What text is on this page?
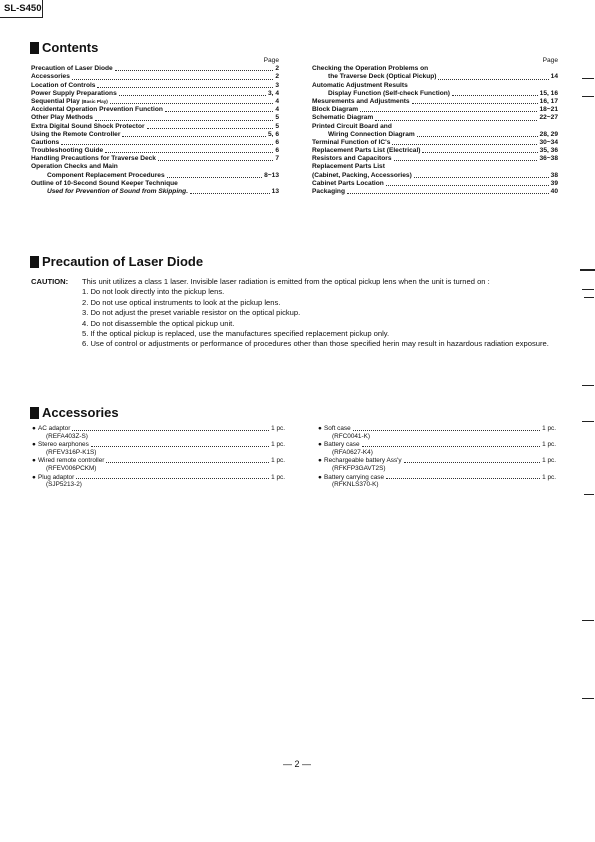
SL-S450
Contents
Page
Precaution of Laser Diode	2
Accessories	2
Location of Controls	3
Power Supply Preparations	3, 4
Sequential Play (Basic Play)	4
Accidental Operation Prevention Function	4
Other Play Methods	5
Extra Digital Sound Shock Protector	5
Using the Remote Controller	5, 6
Cautions	6
Troubleshooting Guide	6
Handling Precautions for Traverse Deck	7
Operation Checks and Main
Component Replacement Procedures	8~13
Outline of 10-Second Sound Keeper Technique
Used for Prevention of Sound from Skipping.	13
Page
Checking the Operation Problems on
the Traverse Deck (Optical Pickup)	14
Automatic Adjustment Results
Display Function (Self-check Function)	15, 16
Mesurements and Adjustments	16, 17
Block Diagram	18~21
Schematic Diagram	22~27
Printed Circuit Board and
Wiring Connection Diagram	28, 29
Terminal Function of IC's	30~34
Replacement Parts List (Electrical)	35, 36
Resistors and Capacitors	36~38
Replacement Parts List
(Cabinet, Packing, Accessories)	38
Cabinet Parts Location	39
Packaging	40
Precaution of Laser Diode
CAUTION: This unit utilizes a class 1 laser. Invisible laser radiation is emitted from the optical pickup lens when the unit is turned on :
1. Do not look directly into the pickup lens.
2. Do not use optical instruments to look at the pickup lens.
3. Do not adjust the preset variable resistor on the optical pickup.
4. Do not disassemble the optical pickup unit.
5. If the optical pickup is replaced, use the manufactures specified replacement pickup only.
6. Use of control or adjustments or performance of procedures other than those specified herin may result in hazardous radiation exposure.
Accessories
● AC adaptor	1 pc.
(REFA403Z-S)
● Stereo earphones	1 pc.
(RFEV316P-K1S)
● Wired remote controller	1 pc.
(RFEV006PCKM)
● Plug adaptor	1 pc.
(SJP5213-2)
● Soft case	1 pc.
(RFC0041-K)
● Battery case	1 pc.
(RFA0627-K4)
● Rechargeable battery Ass'y	1 pc.
(RFKFP3GAVT2S)
● Battery carrying case	1 pc.
(RFKNLS370-K)
— 2 —
